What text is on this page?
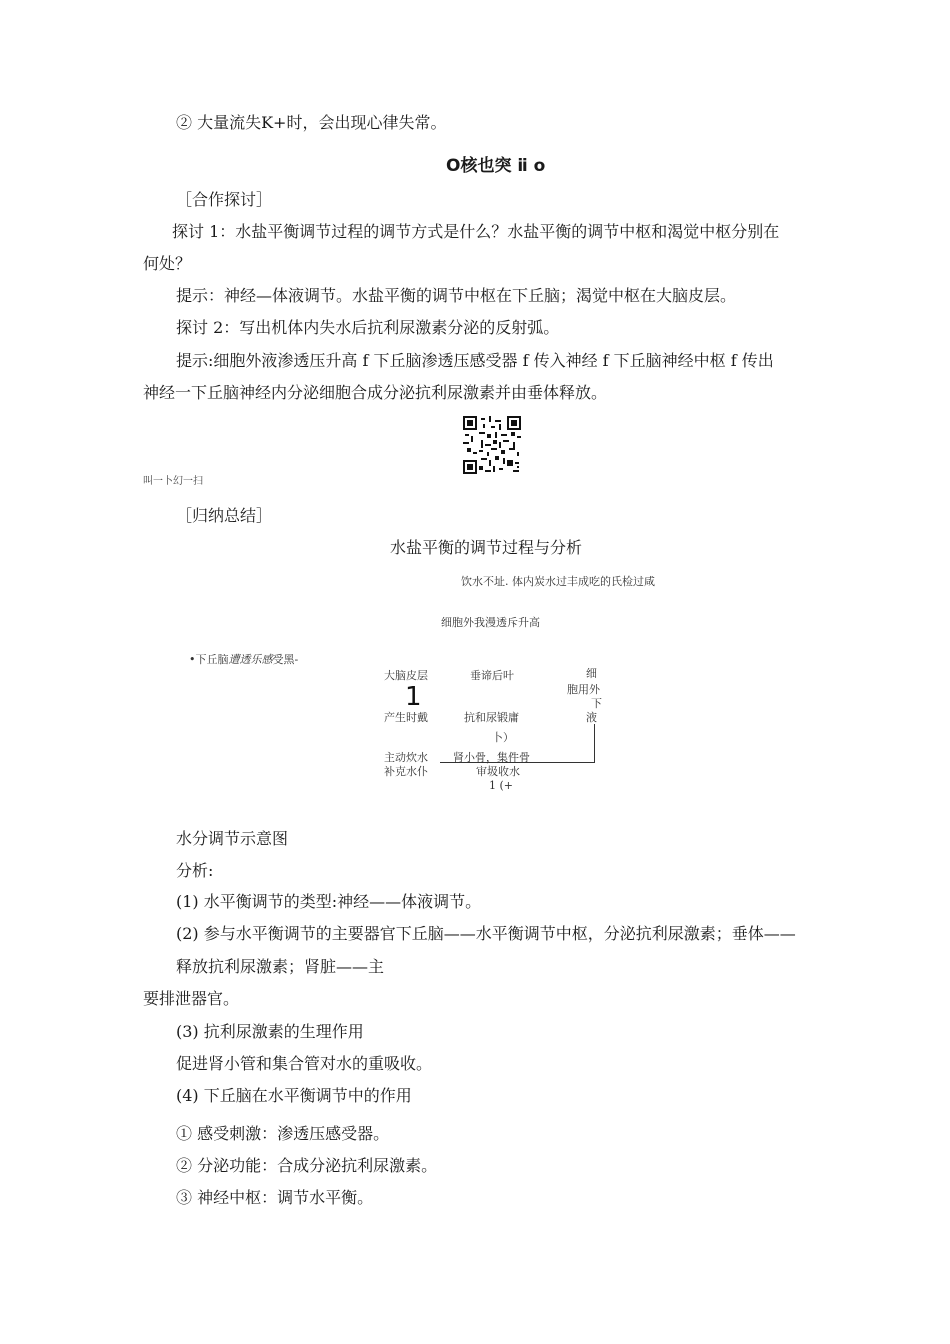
② 大量流失K+时，会出现心律失常。
O核也突 ⅱ o
［合作探讨］
探讨 1：水盐平衡调节过程的调节方式是什么？水盐平衡的调节中枢和渴觉中枢分别在
何处？
提示：神经—体液调节。水盐平衡的调节中枢在下丘脑；渴觉中枢在大脑皮层。
探讨 2：写出机体内失水后抗利尿激素分泌的反射弧。
提示:细胞外液渗透压升高 f 下丘脑渗透压感受器 f 传入神经 f 下丘脑神经中枢 f 传出
神经一下丘脑神经内分泌细胞合成分泌抗利尿激素并由垂体释放。
叫一卜幻一扫
［归纳总结］
水盐平衡的调节过程与分析
饮水不址. 体内炭水过丰成吃的氏检过咸
细胞外我漫透斥升高
•下丘脑遭透乐感受黑-
大脑皮层	垂谛后叶	细
胞用外
下
液
1
产生时戴	抗和尿锻庸
卜）
主动炊水
补克水仆
肾小骨，集件骨
审圾收水
1 (+
水分调节示意图
分析:
(1) 水平衡调节的类型:神经——体液调节。
(2) 参与水平衡调节的主要器官下丘脑——水平衡调节中枢，分泌抗利尿激素；垂体——
释放抗利尿激素；肾脏——主
要排泄器官。
(3) 抗利尿激素的生理作用
促进肾小管和集合管对水的重吸收。
(4) 下丘脑在水平衡调节中的作用
① 感受刺激：渗透压感受器。
② 分泌功能：合成分泌抗利尿激素。
③ 神经中枢：调节水平衡。
